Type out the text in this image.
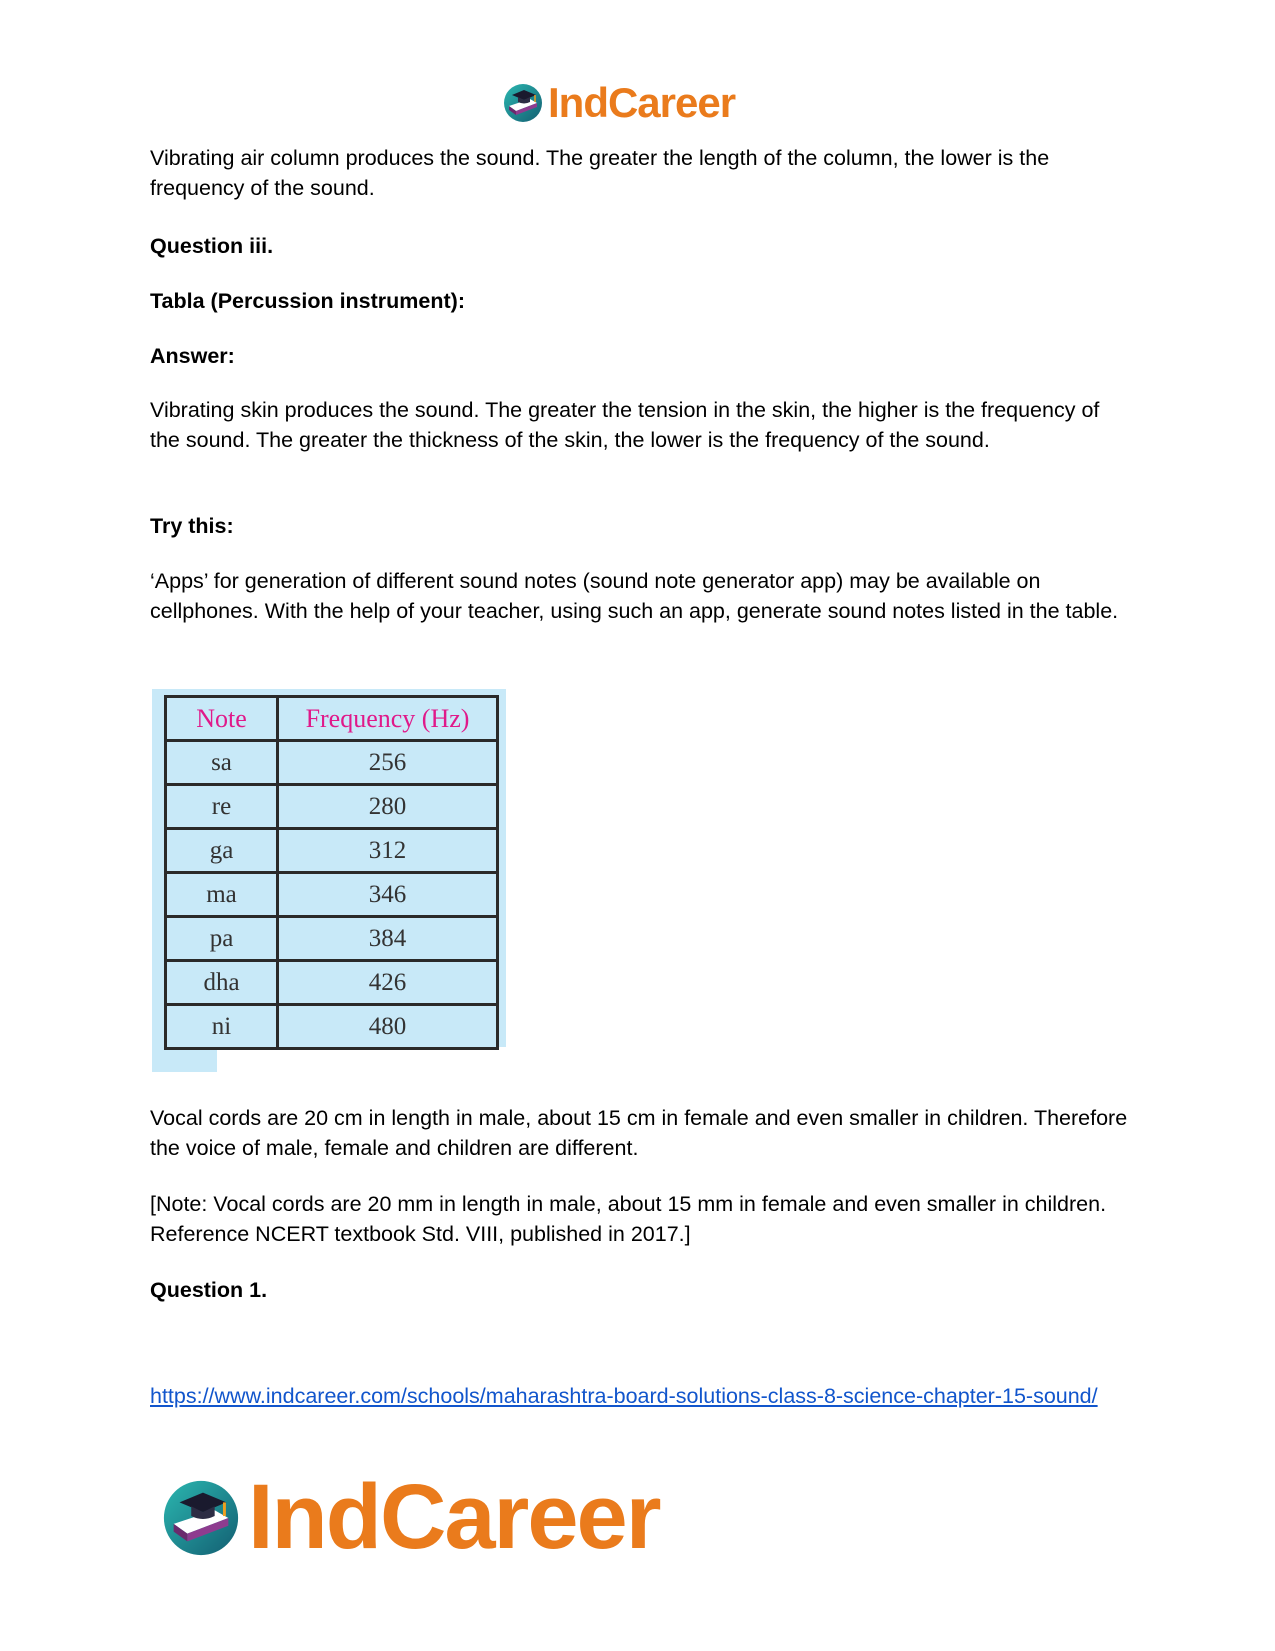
IndCareer
Vibrating air column produces the sound. The greater the length of the column, the lower is the frequency of the sound.
Question iii.
Tabla (Percussion instrument):
Answer:
Vibrating skin produces the sound. The greater the tension in the skin, the higher is the frequency of the sound. The greater the thickness of the skin, the lower is the frequency of the sound.
Try this:
‘Apps’ for generation of different sound notes (sound note generator app) may be available on cellphones. With the help of your teacher, using such an app, generate sound notes listed in the table.
Note	Frequency (Hz)
sa	256
re	280
ga	312
ma	346
pa	384
dha	426
ni	480
Vocal cords are 20 cm in length in male, about 15 cm in female and even smaller in children. Therefore the voice of male, female and children are different.
[Note: Vocal cords are 20 mm in length in male, about 15 mm in female and even smaller in children. Reference NCERT textbook Std. VIII, published in 2017.]
Question 1.
https://www.indcareer.com/schools/maharashtra-board-solutions-class-8-science-chapter-15-sound/
IndCareer
